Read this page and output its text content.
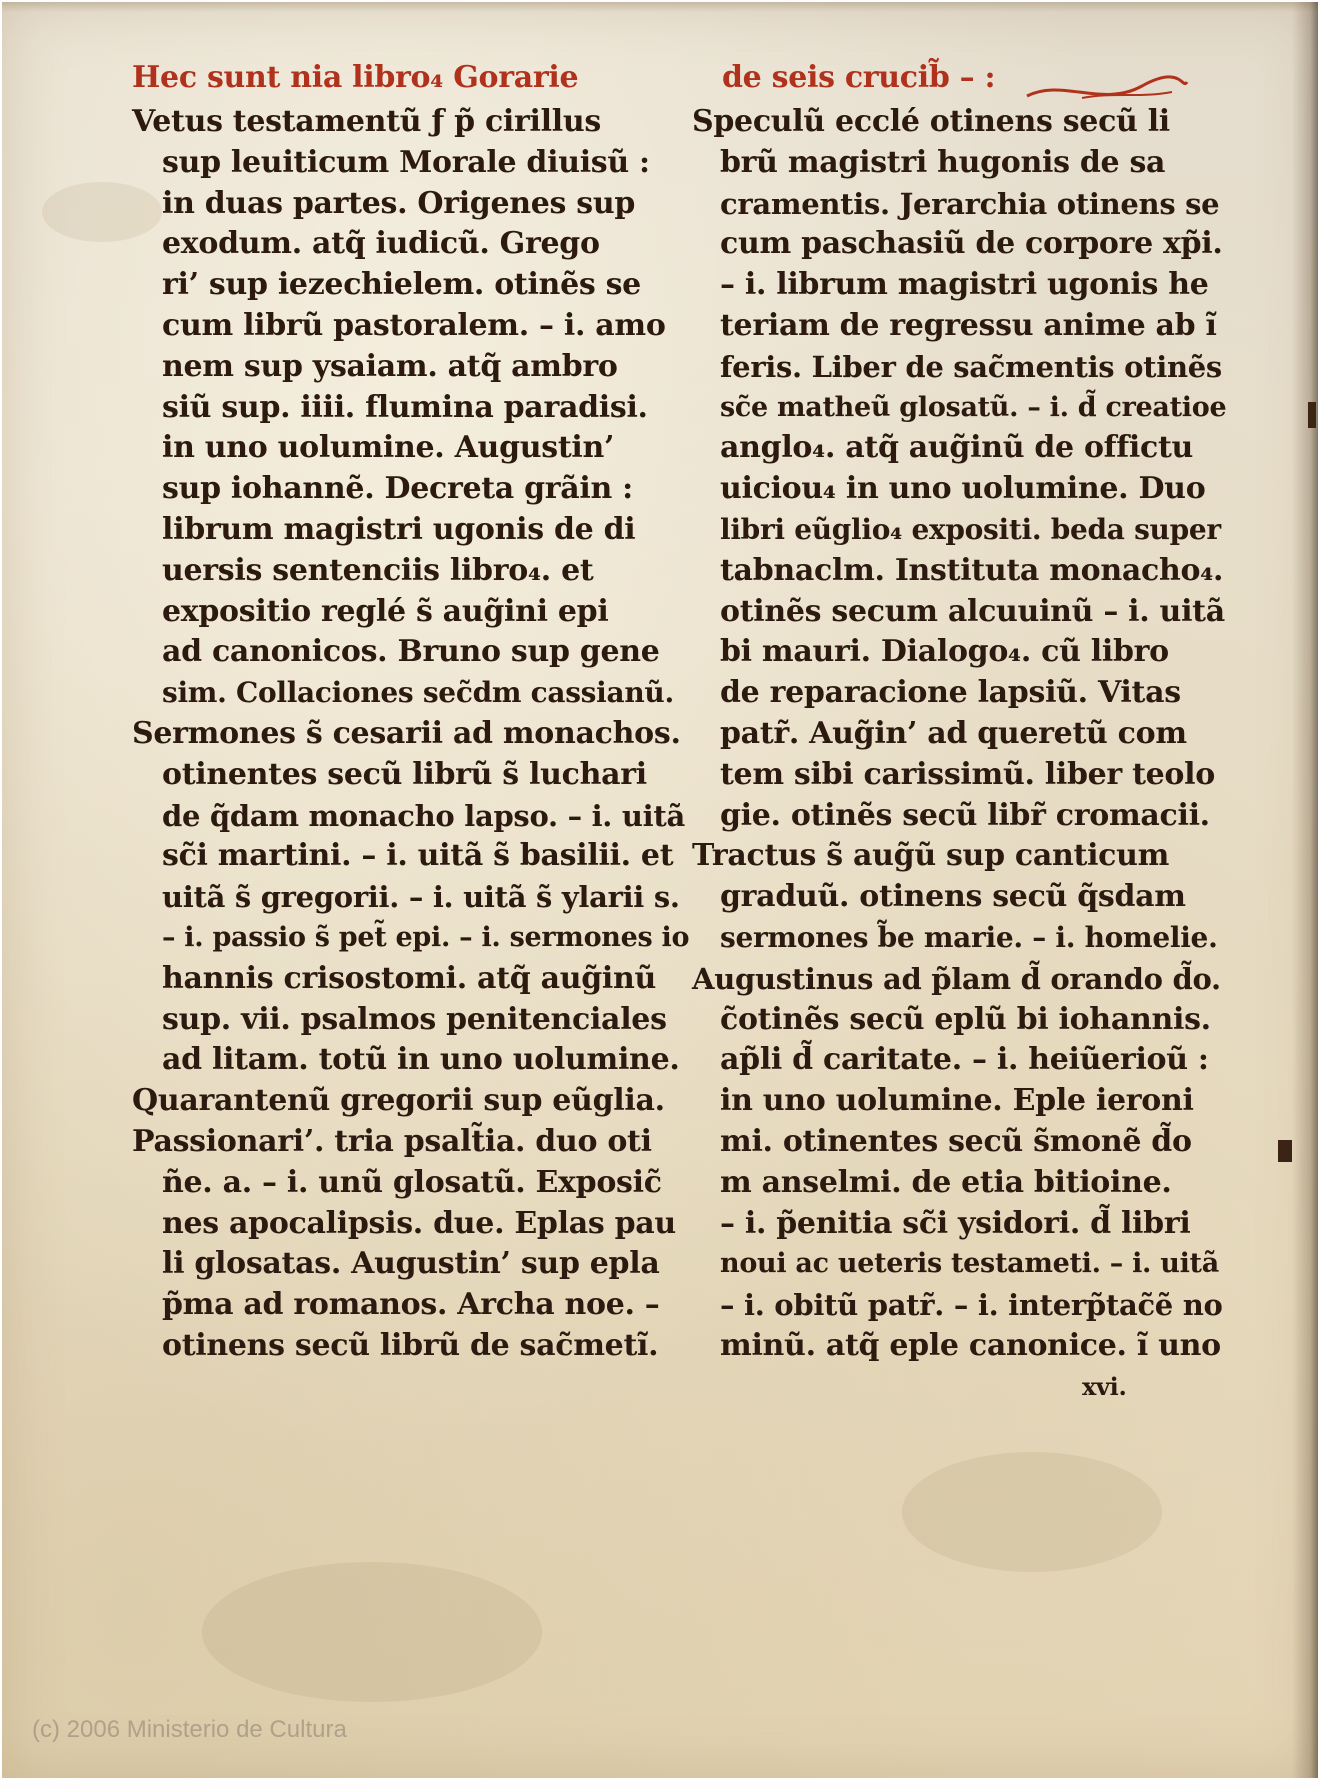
Hec sunt nia libro₄ Gorarie
Vetus testamentũ ƒ p̃ cirillus
sup leuiticum Morale diuisũ :
in duas partes. Origenes sup
exodum. atq̃ iudicũ. Grego
ri’ sup iezechielem. otinẽs se
cum librũ pastoralem. – i. amo
nem sup ysaiam. atq̃ ambro
siũ sup. iiii. flumina paradisi.
in uno uolumine. Augustin’
sup iohannẽ. Decreta grãin :
librum magistri ugonis de di
uersis sentenciis libro₄. et
expositio reglé s̃ aug̃ini epi
ad canonicos. Bruno sup gene
sim. Collaciones sec̃dm cassianũ.
Sermones s̃ cesarii ad monachos.
otinentes secũ librũ s̃ luchari
de q̃dam monacho lapso. – i. uitã
sc̃i martini. – i. uitã s̃ basilii. et
uitã s̃ gregorii. – i. uitã s̃ ylarii s.
– i. passio s̃ pet̃ epi. – i. sermones io
hannis crisostomi. atq̃ aug̃inũ
sup. vii. psalmos penitenciales
ad litam. totũ in uno uolumine.
Quarantenũ gregorii sup eũglia.
Passionari’. tria psalt̃ia. duo oti
ñe. a. – i. unũ glosatũ. Exposic̃
nes apocalipsis. due. Eplas pau
li glosatas. Augustin’ sup epla
p̃ma ad romanos. Archa noe. –
otinens secũ librũ de sac̃metĩ.
de seis crucib̃ – :
Speculũ ecclé otinens secũ li
brũ magistri hugonis de sa
cramentis. Jerarchia otinens se
cum paschasiũ de corpore xp̃i.
– i. librum magistri ugonis he
teriam de regressu anime ab ĩ
feris. Liber de sac̃mentis otinẽs
sc̃e matheũ glosatũ. – i. d̃ creatioe
anglo₄. atq̃ aug̃inũ de offictu
uiciou₄ in uno uolumine. Duo
libri eũglio₄ expositi. beda super
tabnaclm. Instituta monacho₄.
otinẽs secum alcuuinũ – i. uitã
bi mauri. Dialogo₄. cũ libro
de reparacione lapsiũ. Vitas
patr̃. Aug̃in’ ad queretũ com
tem sibi carissimũ. liber teolo
gie. otinẽs secũ libr̃ cromacii.
Tractus s̃ aug̃ũ sup canticum
graduũ. otinens secũ q̃sdam
sermones b̃e marie. – i. homelie.
Augustinus ad p̃lam d̃ orando d̃o.
c̃otinẽs secũ eplũ bi iohannis.
ap̃li d̃ caritate. – i. heiũerioũ :
in uno uolumine. Eple ieroni
mi. otinentes secũ s̃monẽ d̃o
m anselmi. de etia bitioine.
– i. p̃enitia sc̃i ysidori. d̃ libri
noui ac ueteris testameti. – i. uitã
– i. obitũ patr̃. – i. interp̃tac̃ẽ no
minũ. atq̃ eple canonice. ĩ uno
xvi.
(c) 2006 Ministerio de Cultura
